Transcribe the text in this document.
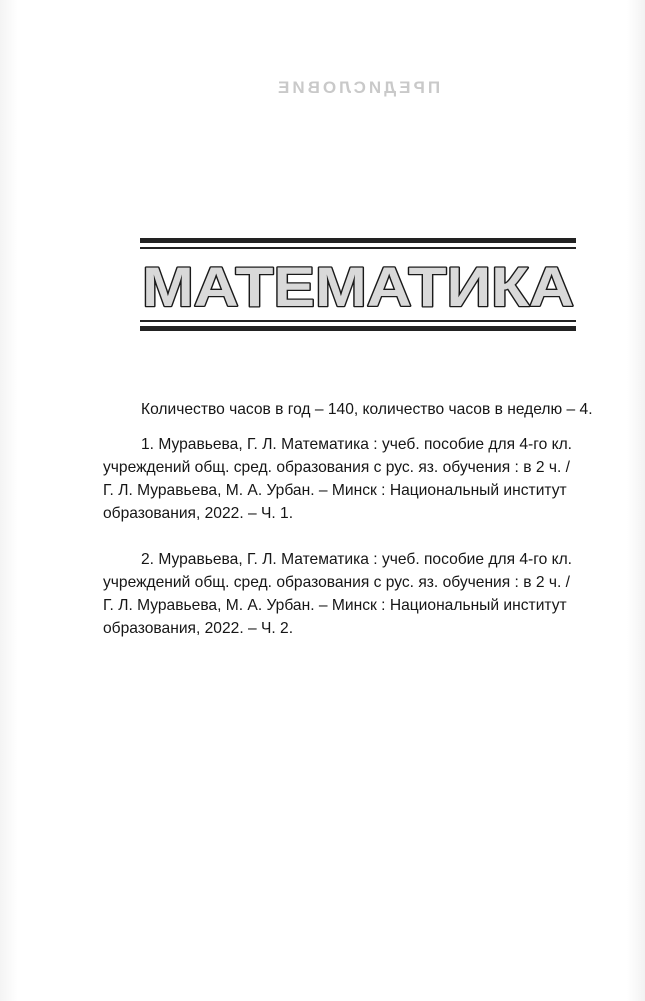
ПРЕДИСЛОВИЕ
МАТЕМАТИКА

Количество часов в год – 140, количество часов в неделю – 4.

1. Муравьева, Г. Л. Математика : учеб. пособие для 4-го кл.
учреждений общ. сред. образования с рус. яз. обучения : в 2 ч. /
Г. Л. Муравьева, М. А. Урбан. – Минск : Национальный институт
образования, 2022. – Ч. 1.
2. Муравьева, Г. Л. Математика : учеб. пособие для 4-го кл.
учреждений общ. сред. образования с рус. яз. обучения : в 2 ч. /
Г. Л. Муравьева, М. А. Урбан. – Минск : Национальный институт
образования, 2022. – Ч. 2.
